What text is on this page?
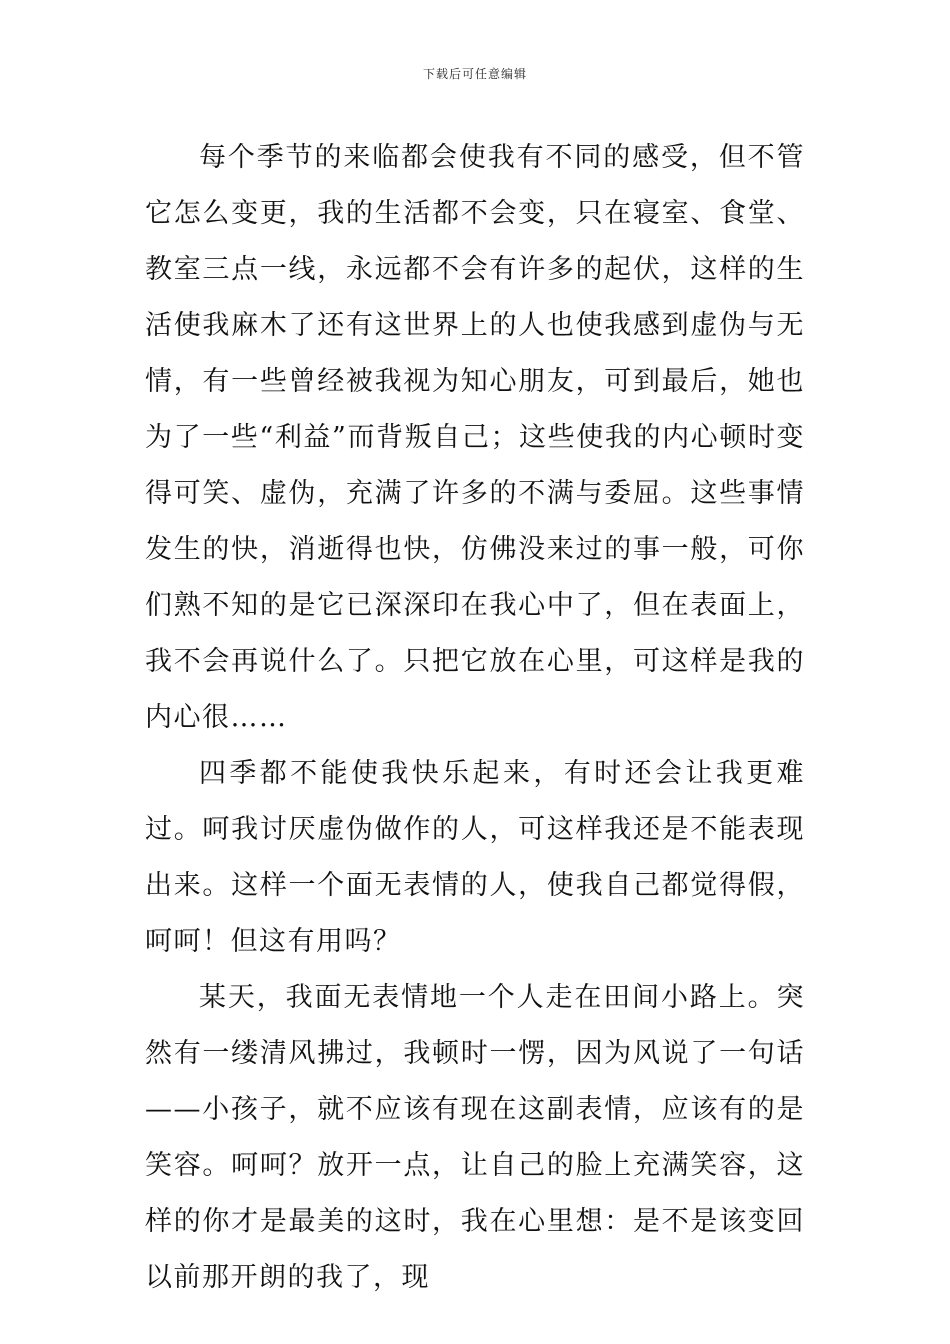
下载后可任意编辑

每个季节的来临都会使我有不同的感受，但不管它怎么变更，我的生活都不会变，只在寝室、食堂、教室三点一线，永远都不会有许多的起伏，这样的生活使我麻木了还有这世界上的人也使我感到虚伪与无情，有一些曾经被我视为知心朋友，可到最后，她也为了一些“利益”而背叛自己；这些使我的内心顿时变得可笑、虚伪，充满了许多的不满与委屈。这些事情发生的快，消逝得也快，仿佛没来过的事一般，可你们熟不知的是它已深深印在我心中了，但在表面上，我不会再说什么了。只把它放在心里，可这样是我的内心很……

四季都不能使我快乐起来，有时还会让我更难过。呵我讨厌虚伪做作的人，可这样我还是不能表现出来。这样一个面无表情的人，使我自己都觉得假，呵呵！但这有用吗？

某天，我面无表情地一个人走在田间小路上。突然有一缕清风拂过，我顿时一愣，因为风说了一句话——小孩子，就不应该有现在这副表情，应该有的是笑容。呵呵？放开一点，让自己的脸上充满笑容，这样的你才是最美的这时，我在心里想：是不是该变回以前那开朗的我了，现
